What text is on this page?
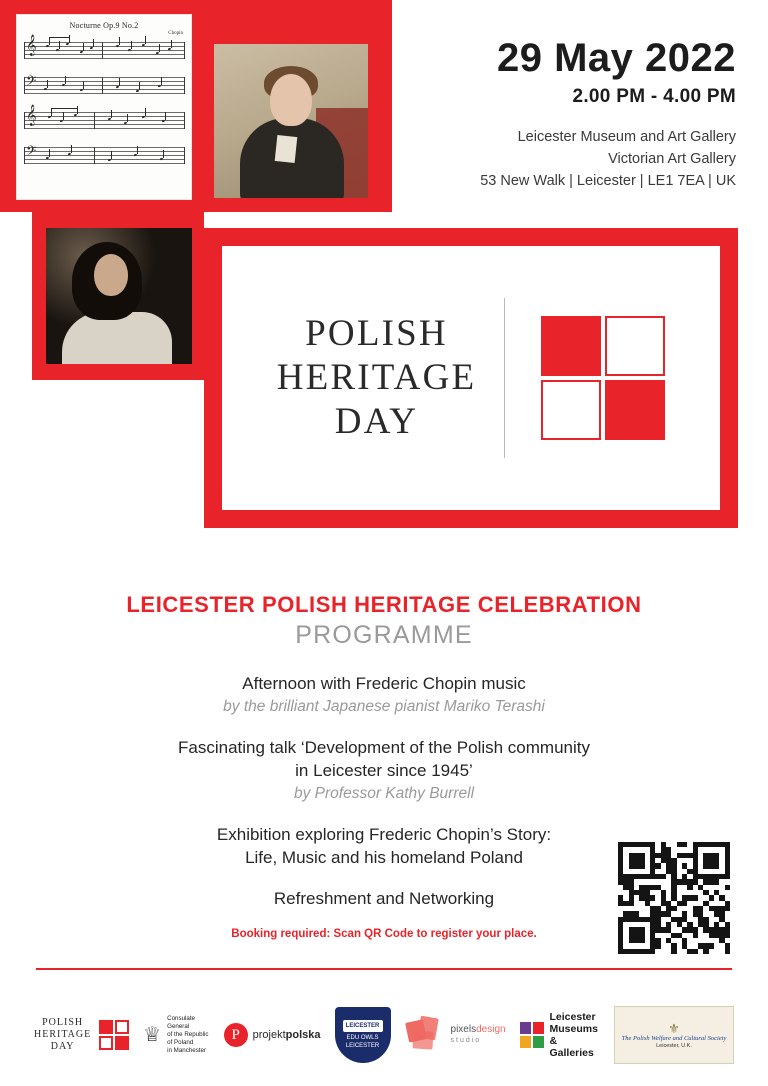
Nocturne Op.9 No.2
Chopin
𝄞
𝄢
𝄞
𝄢
29 May 2022
2.00 PM - 4.00 PM
Leicester Museum and Art Gallery
Victorian Art Gallery
53 New Walk | Leicester | LE1 7EA | UK
POLISH
HERITAGE
DAY
LEICESTER POLISH HERITAGE CELEBRATION
PROGRAMME
Afternoon with Frederic Chopin music
by the brilliant Japanese pianist Mariko Terashi
Fascinating talk ‘Development of the Polish community
in Leicester since 1945’
by Professor Kathy Burrell
Exhibition exploring Frederic Chopin’s Story:
Life, Music and his homeland Poland
Refreshment and Networking
Booking required: Scan QR Code to register your place.
POLISH
HERITAGE
DAY
♕
Consulate General
of the Republic of Poland
in Manchester
P	projektpolska
LEICESTER
EDU OWLS
LEICESTER
pixelsdesign
studio
Leicester
Museums
& Galleries
⚜
The Polish Welfare and Cultural Society
Leicester, U.K.
